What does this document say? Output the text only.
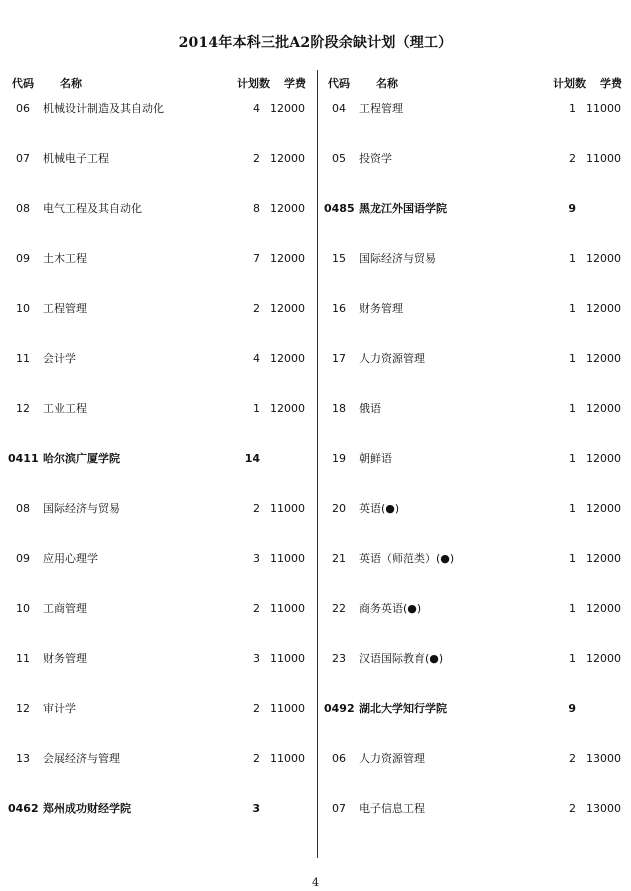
2014年本科三批A2阶段余缺计划（理工）
代码	名称	计划数	学费
06	机械设计制造及其自动化	4 12000
07	机械电子工程	2 12000
08	电气工程及其自动化	8 12000
09	土木工程	7 12000
10	工程管理	2 12000
11	会计学	4 12000
12	工业工程	1 12000
0411 哈尔滨广厦学院	14
08	国际经济与贸易	2 11000
09	应用心理学	3 11000
10	工商管理	2 11000
11	财务管理	3 11000
12	审计学	2 11000
13	会展经济与管理	2 11000
0462 郑州成功财经学院	3
代码	名称	计划数	学费
04	工程管理	1 11000
05	投资学	2 11000
0485 黑龙江外国语学院	9
15	国际经济与贸易	1 12000
16	财务管理	1 12000
17	人力资源管理	1 12000
18	俄语	1 12000
19	朝鲜语	1 12000
20	英语(●)	1 12000
21	英语（师范类）(●)	1 12000
22	商务英语(●)	1 12000
23	汉语国际教育(●)	1 12000
0492 湖北大学知行学院	9
06	人力资源管理	2 13000
07	电子信息工程	2 13000
4
